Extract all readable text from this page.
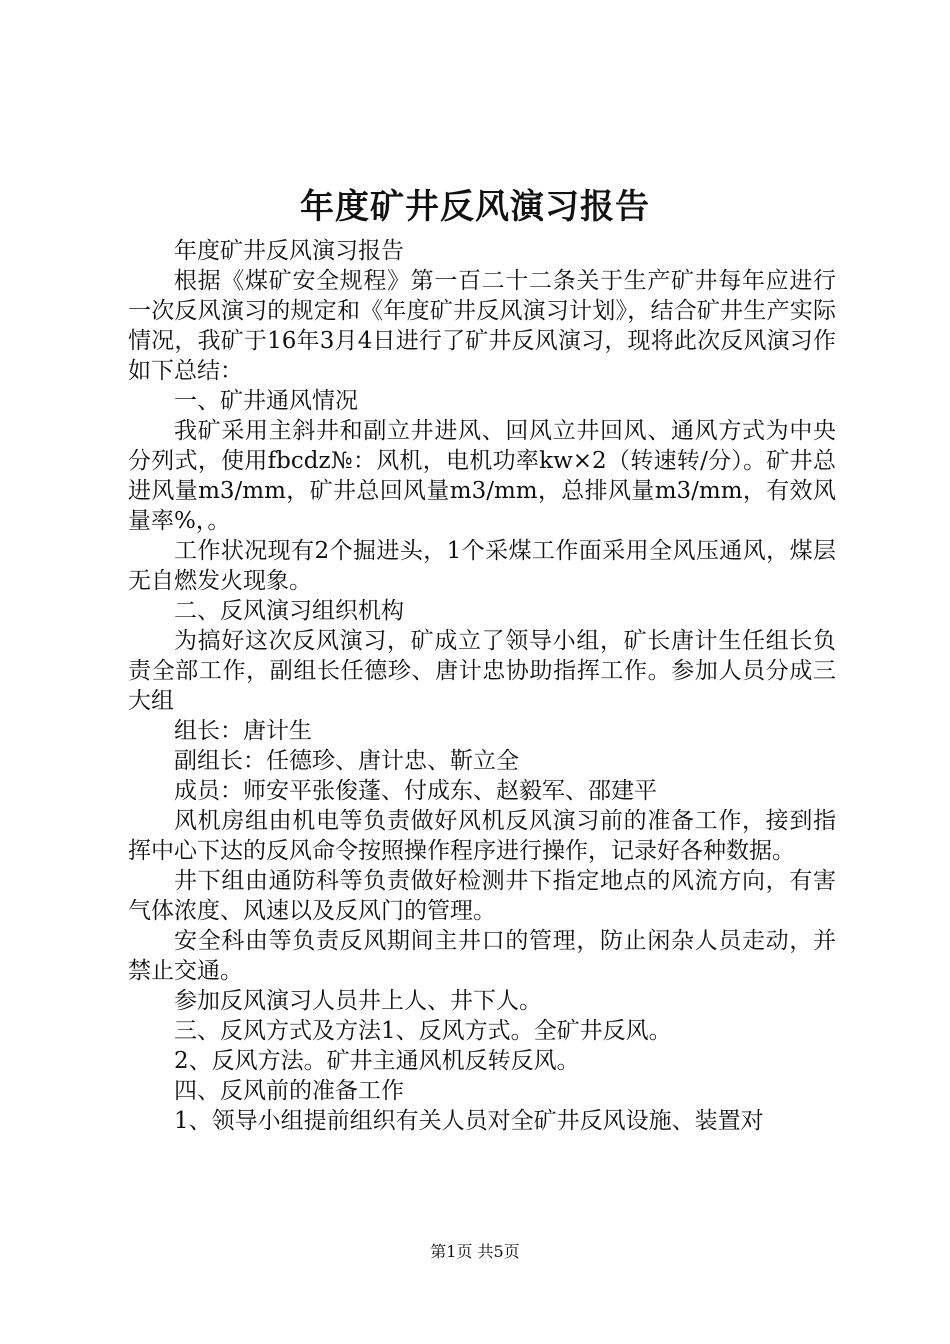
年度矿井反风演习报告

年度矿井反风演习报告

根据《煤矿安全规程》第一百二十二条关于生产矿井每年应进行一次反风演习的规定和《年度矿井反风演习计划》，结合矿井生产实际情况，我矿于16年3月4日进行了矿井反风演习，现将此次反风演习作如下总结：

一、矿井通风情况

我矿采用主斜井和副立井进风、回风立井回风、通风方式为中央分列式，使用fbcdz№：风机，电机功率kw×2（转速转/分）。矿井总进风量m3/mm，矿井总回风量m3/mm，总排风量m3/mm，有效风量率%，。

工作状况现有2个掘进头，1个采煤工作面采用全风压通风，煤层无自燃发火现象。

二、反风演习组织机构

为搞好这次反风演习，矿成立了领导小组，矿长唐计生任组长负责全部工作，副组长任德珍、唐计忠协助指挥工作。参加人员分成三大组

组长：唐计生

副组长：任德珍、唐计忠、靳立全

成员：师安平张俊蓬、付成东、赵毅军、邵建平

风机房组由机电等负责做好风机反风演习前的准备工作，接到指挥中心下达的反风命令按照操作程序进行操作，记录好各种数据。

井下组由通防科等负责做好检测井下指定地点的风流方向，有害气体浓度、风速以及反风门的管理。

安全科由等负责反风期间主井口的管理，防止闲杂人员走动，并禁止交通。

参加反风演习人员井上人、井下人。

三、反风方式及方法1、反风方式。全矿井反风。

2、反风方法。矿井主通风机反转反风。

四、反风前的准备工作

1、领导小组提前组织有关人员对全矿井反风设施、装置对

第1页 共5页
